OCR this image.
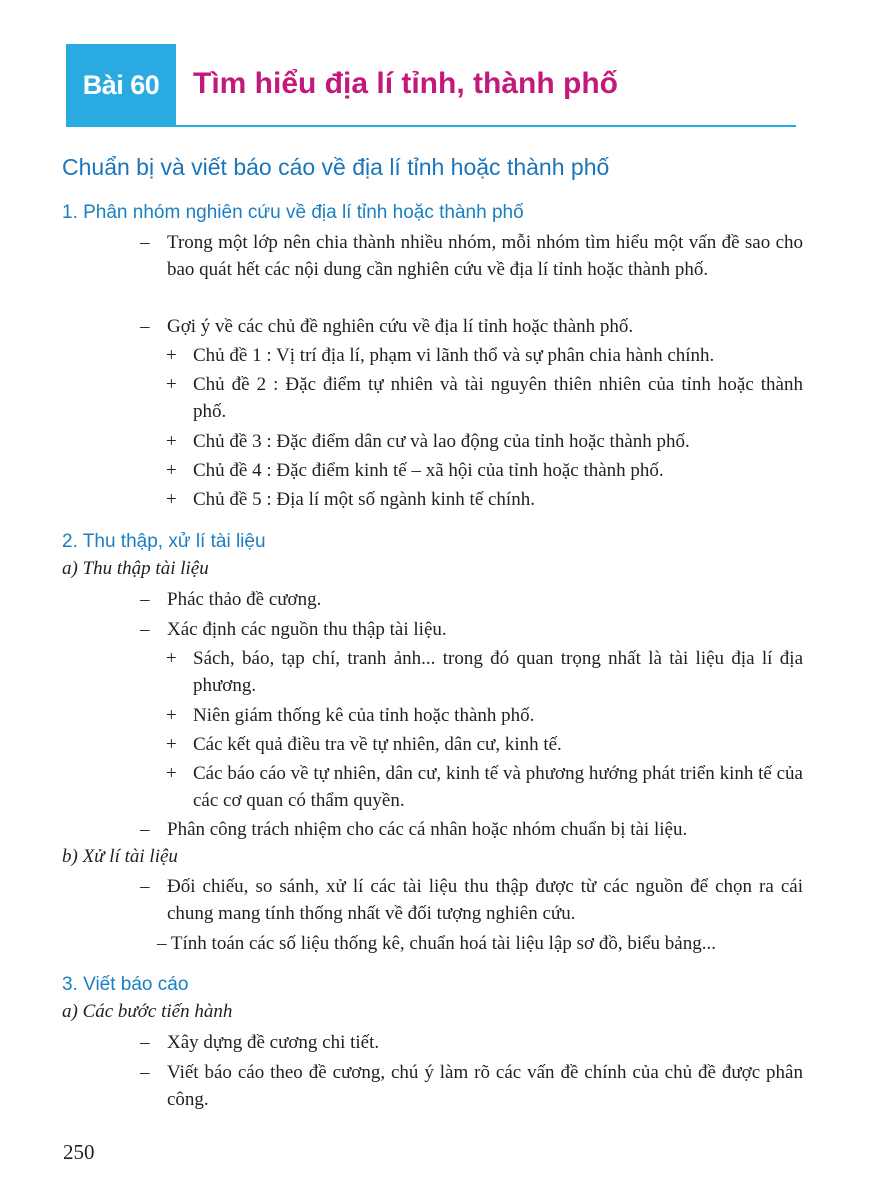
Bài 60	Tìm hiểu địa lí tỉnh, thành phố
Chuẩn bị và viết báo cáo về địa lí tỉnh hoặc thành phố
1. Phân nhóm nghiên cứu về địa lí tỉnh hoặc thành phố
– Trong một lớp nên chia thành nhiều nhóm, mỗi nhóm tìm hiểu một vấn đề sao cho bao quát hết các nội dung cần nghiên cứu về địa lí tỉnh hoặc thành phố.
– Gợi ý về các chủ đề nghiên cứu về địa lí tỉnh hoặc thành phố.
+ Chủ đề 1 : Vị trí địa lí, phạm vi lãnh thổ và sự phân chia hành chính.
+ Chủ đề 2 : Đặc điểm tự nhiên và tài nguyên thiên nhiên của tỉnh hoặc thành phố.
+ Chủ đề 3 : Đặc điểm dân cư và lao động của tỉnh hoặc thành phố.
+ Chủ đề 4 : Đặc điểm kinh tế – xã hội của tỉnh hoặc thành phố.
+ Chủ đề 5 : Địa lí một số ngành kinh tế chính.
2. Thu thập, xử lí tài liệu
a) Thu thập tài liệu
– Phác thảo đề cương.
– Xác định các nguồn thu thập tài liệu.
+ Sách, báo, tạp chí, tranh ảnh... trong đó quan trọng nhất là tài liệu địa lí địa phương.
+ Niên giám thống kê của tỉnh hoặc thành phố.
+ Các kết quả điều tra về tự nhiên, dân cư, kinh tế.
+ Các báo cáo về tự nhiên, dân cư, kinh tế và phương hướng phát triển kinh tế của các cơ quan có thẩm quyền.
– Phân công trách nhiệm cho các cá nhân hoặc nhóm chuẩn bị tài liệu.
b) Xử lí tài liệu
– Đối chiếu, so sánh, xử lí các tài liệu thu thập được từ các nguồn để chọn ra cái chung mang tính thống nhất về đối tượng nghiên cứu.
– Tính toán các số liệu thống kê, chuẩn hoá tài liệu lập sơ đồ, biểu bảng...
3. Viết báo cáo
a) Các bước tiến hành
– Xây dựng đề cương chi tiết.
– Viết báo cáo theo đề cương, chú ý làm rõ các vấn đề chính của chủ đề được phân công.
250
